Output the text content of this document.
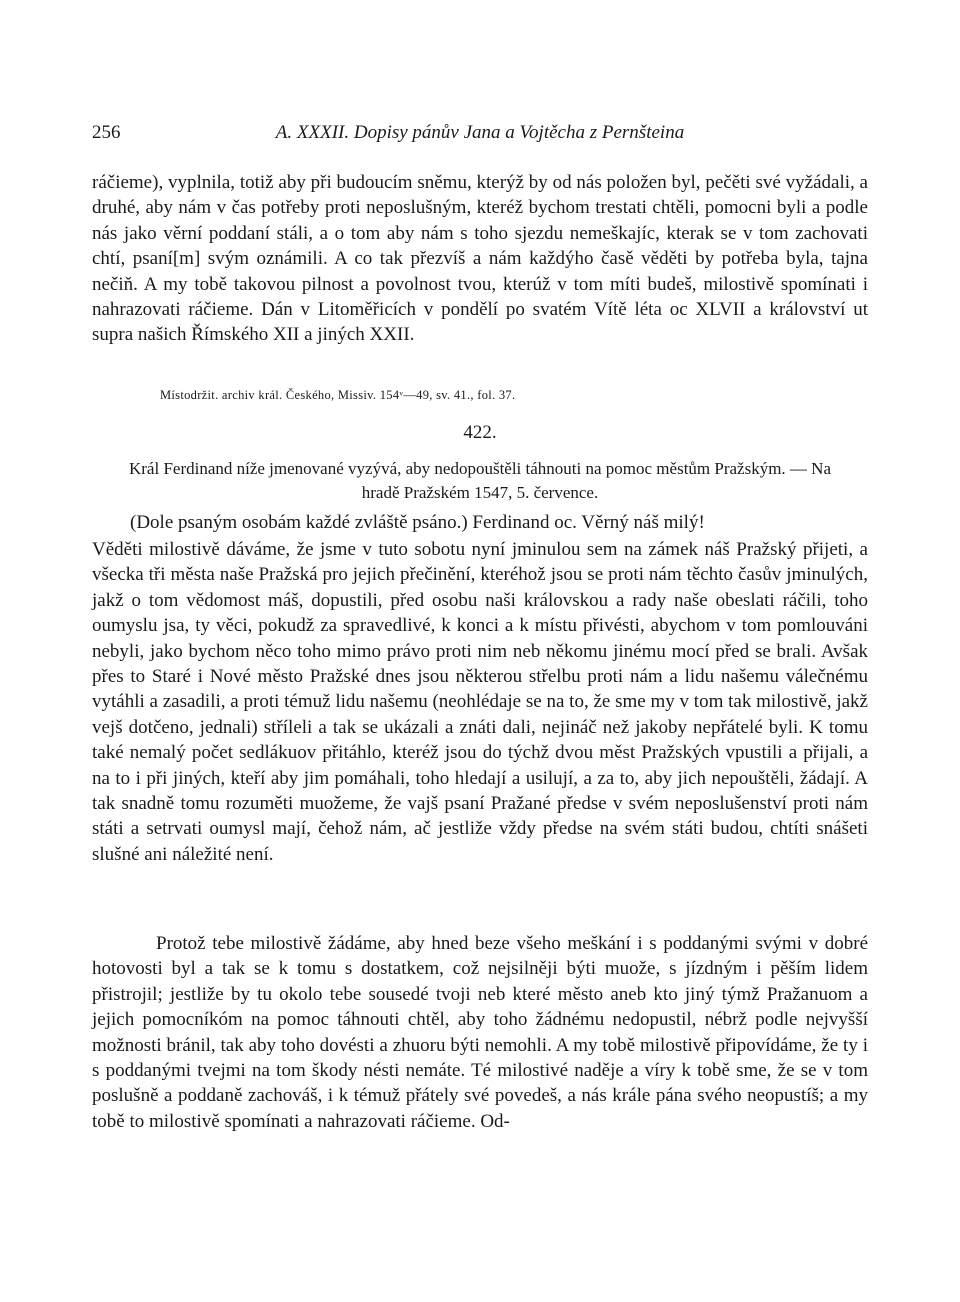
256	A. XXXII. Dopisy pánův Jana a Vojtěcha z Pernšteina

ráčieme), vyplnila, totiž aby při budoucím sněmu, kterýž by od nás položen byl, pečěti své vyžádali, a druhé, aby nám v čas potřeby proti neposlušným, kteréž bychom trestati chtěli, pomocni byli a podle nás jako věrní poddaní stáli, a o tom aby nám s toho sjezdu nemeškajíc, kterak se v tom zachovati chtí, psaní[m] svým oznámili. A co tak přezvíš a nám každýho časě věděti by potřeba byla, tajna nečiň. A my tobě takovou pilnost a povolnost tvou, kterúž v tom míti budeš, milostivě spomínati i nahrazovati ráčieme. Dán v Litoměřicích v pondělí po svatém Vítě léta oc XLVII a království ut supra našich Římského XII a jiných XXII.

Místodržit. archiv král. Českého, Missiv. 154ᵛ—49, sv. 41., fol. 37.
422.
Král Ferdinand níže jmenované vyzývá, aby nedopouštěli táhnouti na pomoc městům Pražským. — Na hradě Pražském 1547, 5. července.
(Dole psaným osobám každé zvláště psáno.) Ferdinand oc. Věrný náš milý!

Věděti milostivě dáváme, že jsme v tuto sobotu nyní jminulou sem na zámek náš Pražský přijeti, a všecka tři města naše Pražská pro jejich přečinění, kteréhož jsou se proti nám těchto časův jminulých, jakž o tom vědomost máš, dopustili, před osobu naši královskou a rady naše obeslati ráčili, toho oumyslu jsa, ty věci, pokudž za spravedlivé, k konci a k místu přivésti, abychom v tom pomlouváni nebyli, jako bychom něco toho mimo právo proti nim neb někomu jinému mocí před se brali. Avšak přes to Staré i Nové město Pražské dnes jsou některou střelbu proti nám a lidu našemu válečnému vytáhli a zasadili, a proti témuž lidu našemu (neohlédaje se na to, že sme my v tom tak milostivě, jakž vejš dotčeno, jednali) stříleli a tak se ukázali a znáti dali, nejináč než jakoby nepřátelé byli. K tomu také nemalý počet sedlákuov přitáhlo, kteréž jsou do týchž dvou měst Pražských vpustili a přijali, a na to i při jiných, kteří aby jim pomáhali, toho hledají a usilují, a za to, aby jich nepouštěli, žádají. A tak snadně tomu rozuměti muožeme, že vajš psaní Pražané předse v svém neposlušenství proti nám státi a setrvati oumysl mají, čehož nám, ač jestliže vždy předse na svém státi budou, chtíti snášeti slušné ani náležité není.

Protož tebe milostivě žádáme, aby hned beze všeho meškání i s poddanými svými v dobré hotovosti byl a tak se k tomu s dostatkem, což nejsilněji býti muože, s jízdným i pěším lidem přistrojil; jestliže by tu okolo tebe sousedé tvoji neb které město aneb kto jiný týmž Pražanuom a jejich pomocníkóm na pomoc táhnouti chtěl, aby toho žádnému nedopustil, nébrž podle nejvyšší možnosti bránil, tak aby toho dovésti a zhuoru býti nemohli. A my tobě milostivě připovídáme, že ty i s poddanými tvejmi na tom škody nésti nemáte. Té milostivé naděje a víry k tobě sme, že se v tom poslušně a poddaně zachováš, i k témuž přátely své povedeš, a nás krále pána svého neopustíš; a my tobě to milostivě spomínati a nahrazovati ráčieme. Od-
